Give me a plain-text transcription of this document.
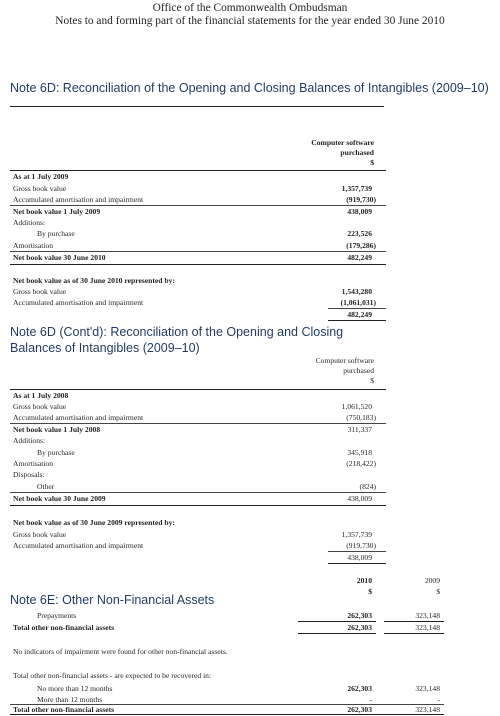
Office of the Commonwealth Ombudsman
Notes to and forming part of the financial statements for the year ended 30 June 2010
Note 6D: Reconciliation of the Opening and Closing Balances of Intangibles (2009–10)
Computer software
purchased
$
As at 1 July 2009
Gross book value	1,357,739
Accumulated amortisation and impairment	(919,730)
Net book value 1 July 2009	438,009
Additions:
By purchase	223,526
Amortisation	(179,286)
Net book value 30 June 2010	482,249
Net book value as of 30 June 2010 represented by:
Gross book value	1,543,280
Accumulated amortisation and impairment	(1,061,031)
482,249
Note 6D (Cont'd): Reconciliation of the Opening and Closing
Balances of Intangibles (2009–10)
Computer software
purchased
$
As at 1 July 2008
Gross book value	1,061,520
Accumulated amortisation and impairment	(750,183)
Net book value 1 July 2008	311,337
Additions:
By purchase	345,918
Amortisation	(218,422)
Disposals:
Other	(824)
Net book value 30 June 2009	438,009
Net book value as of 30 June 2009 represented by:
Gross book value	1,357,739
Accumulated amortisation and impairment	(919,730)
438,009
2010	2009
$	$
Note 6E: Other Non-Financial Assets
Prepayments	262,303	323,148
Total other non-financial assets	262,303	323,148
No indicators of impairment were found for other non-financial assets.
Total other non-financial assets - are expected to be recovered in:
No more than 12 months	262,303	323,148
More than 12 months	-	-
Total other non-financial assets	262,303	323,148
